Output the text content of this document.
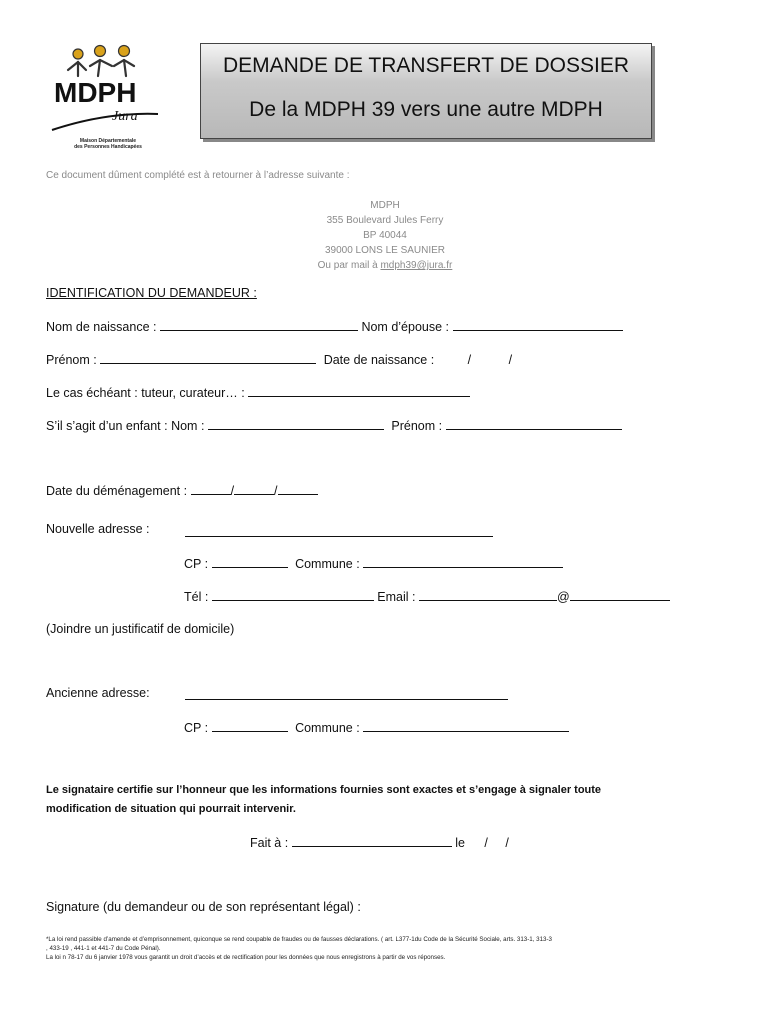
MDPH
Jura
Maison Départementale
des Personnes Handicapées
DEMANDE DE TRANSFERT DE DOSSIER
De la MDPH 39 vers une autre MDPH
Ce document dûment complété est à retourner à l’adresse suivante :
MDPH
355 Boulevard Jules Ferry
BP 40044
39000 LONS LE SAUNIER
Ou par mail à mdph39@jura.fr
IDENTIFICATION DU DEMANDEUR :
Nom de naissance :	Nom d’épouse :
Prénom :	Date de naissance :	/	/
Le cas échéant : tuteur, curateur… :
S’il s’agit d’un enfant : Nom :	Prénom :
Date du déménagement :	/	/
Nouvelle adresse :
CP :	Commune :
Tél :	Email :	@
(Joindre un justificatif de domicile)
Ancienne adresse:
CP :	Commune :
Le signataire certifie sur l’honneur que les informations fournies sont exactes et s’engage à signaler toute
modification de situation qui pourrait intervenir.
Fait à :	le / /
Signature (du demandeur ou de son représentant légal) :
*La loi rend passible d’amende et d’emprisonnement, quiconque se rend coupable de fraudes ou de fausses déclarations. ( art. L377-1du Code de la Sécurité Sociale, arts. 313-1, 313-3
, 433-19 , 441-1 et 441-7 du Code Pénal).
La loi n 78-17 du 6 janvier 1978 vous garantit un droit d’accès et de rectification pour les données que nous enregistrons à partir de vos réponses.
